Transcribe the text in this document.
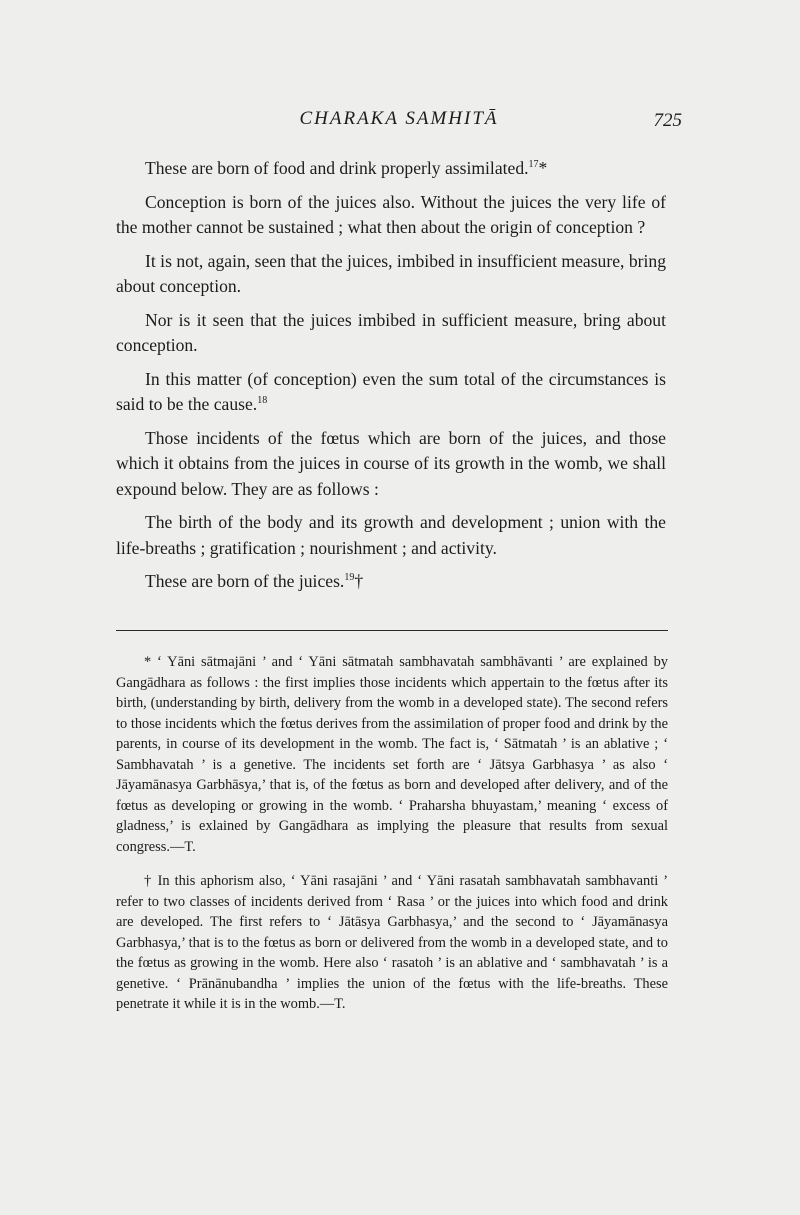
CHARAKA SAMHITĀ	725

These are born of food and drink properly assimilated.$^{17}$*

Conception is born of the juices also. Without the juices the very life of the mother cannot be sustained ; what then about the origin of conception ?

It is not, again, seen that the juices, imbibed in insufficient measure, bring about conception.

Nor is it seen that the juices imbibed in sufficient measure, bring about conception.

In this matter (of conception) even the sum total of the circumstances is said to be the cause.$^{18}$

Those incidents of the fœtus which are born of the juices, and those which it obtains from the juices in course of its growth in the womb, we shall expound below. They are as follows :

The birth of the body and its growth and development ; union with the life-breaths ; gratification ; nourishment ; and activity.

These are born of the juices.$^{19}$†

* ‘ Yāni sātmajāni ’ and ‘ Yāni sātmatah sambhavatah sambhāvanti ’ are explained by Gangādhara as follows : the first implies those incidents which appertain to the fœtus after its birth, (understanding by birth, delivery from the womb in a developed state). The second refers to those incidents which the fœtus derives from the assimilation of proper food and drink by the parents, in course of its development in the womb. The fact is, ‘ Sātmatah ’ is an ablative ; ‘ Sambhavatah ’ is a genetive. The incidents set forth are ‘ Jātsya Garbhasya ’ as also ‘ Jāyamānasya Garbhāsya,’ that is, of the fœtus as born and developed after delivery, and of the fœtus as developing or growing in the womb. ‘ Praharsha bhuyastam,’ meaning ‘ excess of gladness,’ is exlained by Gangādhara as implying the pleasure that results from sexual congress.—T.

† In this aphorism also, ‘ Yāni rasajāni ’ and ‘ Yāni rasatah sambhavatah sambhavanti ’ refer to two classes of incidents derived from ‘ Rasa ’ or the juices into which food and drink are developed. The first refers to ‘ Jātāsya Garbhasya,’ and the second to ‘ Jāyamānasya Garbhasya,’ that is to the fœtus as born or delivered from the womb in a developed state, and to the fœtus as growing in the womb. Here also ‘ rasatoh ’ is an ablative and ‘ sambhavatah ’ is a genetive. ‘ Prānānubandha ’ implies the union of the fœtus with the life-breaths. These penetrate it while it is in the womb.—T.
